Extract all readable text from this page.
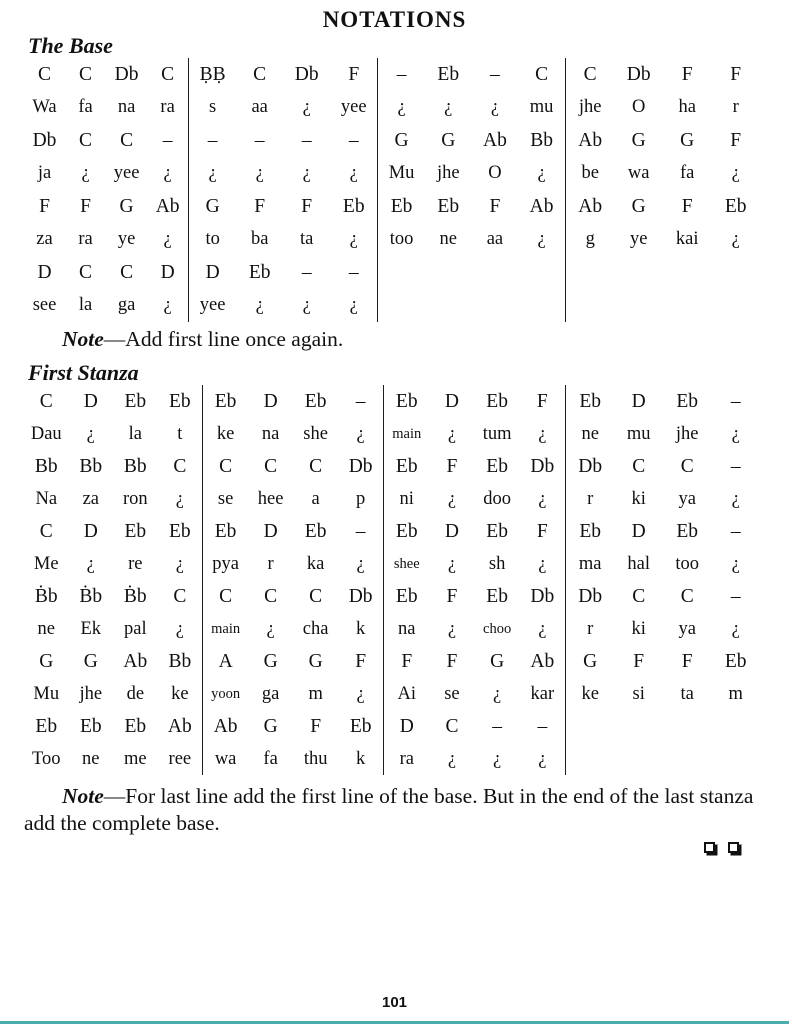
NOTATIONS
The Base
C	C	Db	C	ḄḄ	C	Db	F	–	Eb	–	C	C	Db	F	F
Wa	fa	na	ra	s	aa	¿	yee	¿	¿	¿	mu	jhe	O	ha	r
Db	C	C	–	–	–	–	–	G	G	Ab	Bb	Ab	G	G	F
ja	¿	yee	¿	¿	¿	¿	¿	Mu	jhe	O	¿	be	wa	fa	¿
F	F	G	Ab	G	F	F	Eb	Eb	Eb	F	Ab	Ab	G	F	Eb
za	ra	ye	¿	to	ba	ta	¿	too	ne	aa	¿	g	ye	kai	¿
D	C	C	D	D	Eb	–	–
see	la	ga	¿	yee	¿	¿	¿

Note—Add first line once again.

First Stanza
C	D	Eb	Eb	Eb	D	Eb	–	Eb	D	Eb	F	Eb	D	Eb	–
Dau	¿	la	t	ke	na	she	¿	main	¿	tum	¿	ne	mu	jhe	¿
Bb	Bb	Bb	C	C	C	C	Db	Eb	F	Eb	Db	Db	C	C	–
Na	za	ron	¿	se	hee	a	p	ni	¿	doo	¿	r	ki	ya	¿
C	D	Eb	Eb	Eb	D	Eb	–	Eb	D	Eb	F	Eb	D	Eb	–
Me	¿	re	¿	pya	r	ka	¿	shee	¿	sh	¿	ma	hal	too	¿
Ḃb	Ḃb	Ḃb	C	C	C	C	Db	Eb	F	Eb	Db	Db	C	C	–
ne	Ek	pal	¿	main	¿	cha	k	na	¿	choo	¿	r	ki	ya	¿
G	G	Ab	Bb	A	G	G	F	F	F	G	Ab	G	F	F	Eb
Mu	jhe	de	ke	yoon	ga	m	¿	Ai	se	¿	kar	ke	si	ta	m
Eb	Eb	Eb	Ab	Ab	G	F	Eb	D	C	–	–
Too	ne	me	ree	wa	fa	thu	k	ra	¿	¿	¿

Note—For last line add the first line of the base. But in the end of the last stanza add the complete base.

101
